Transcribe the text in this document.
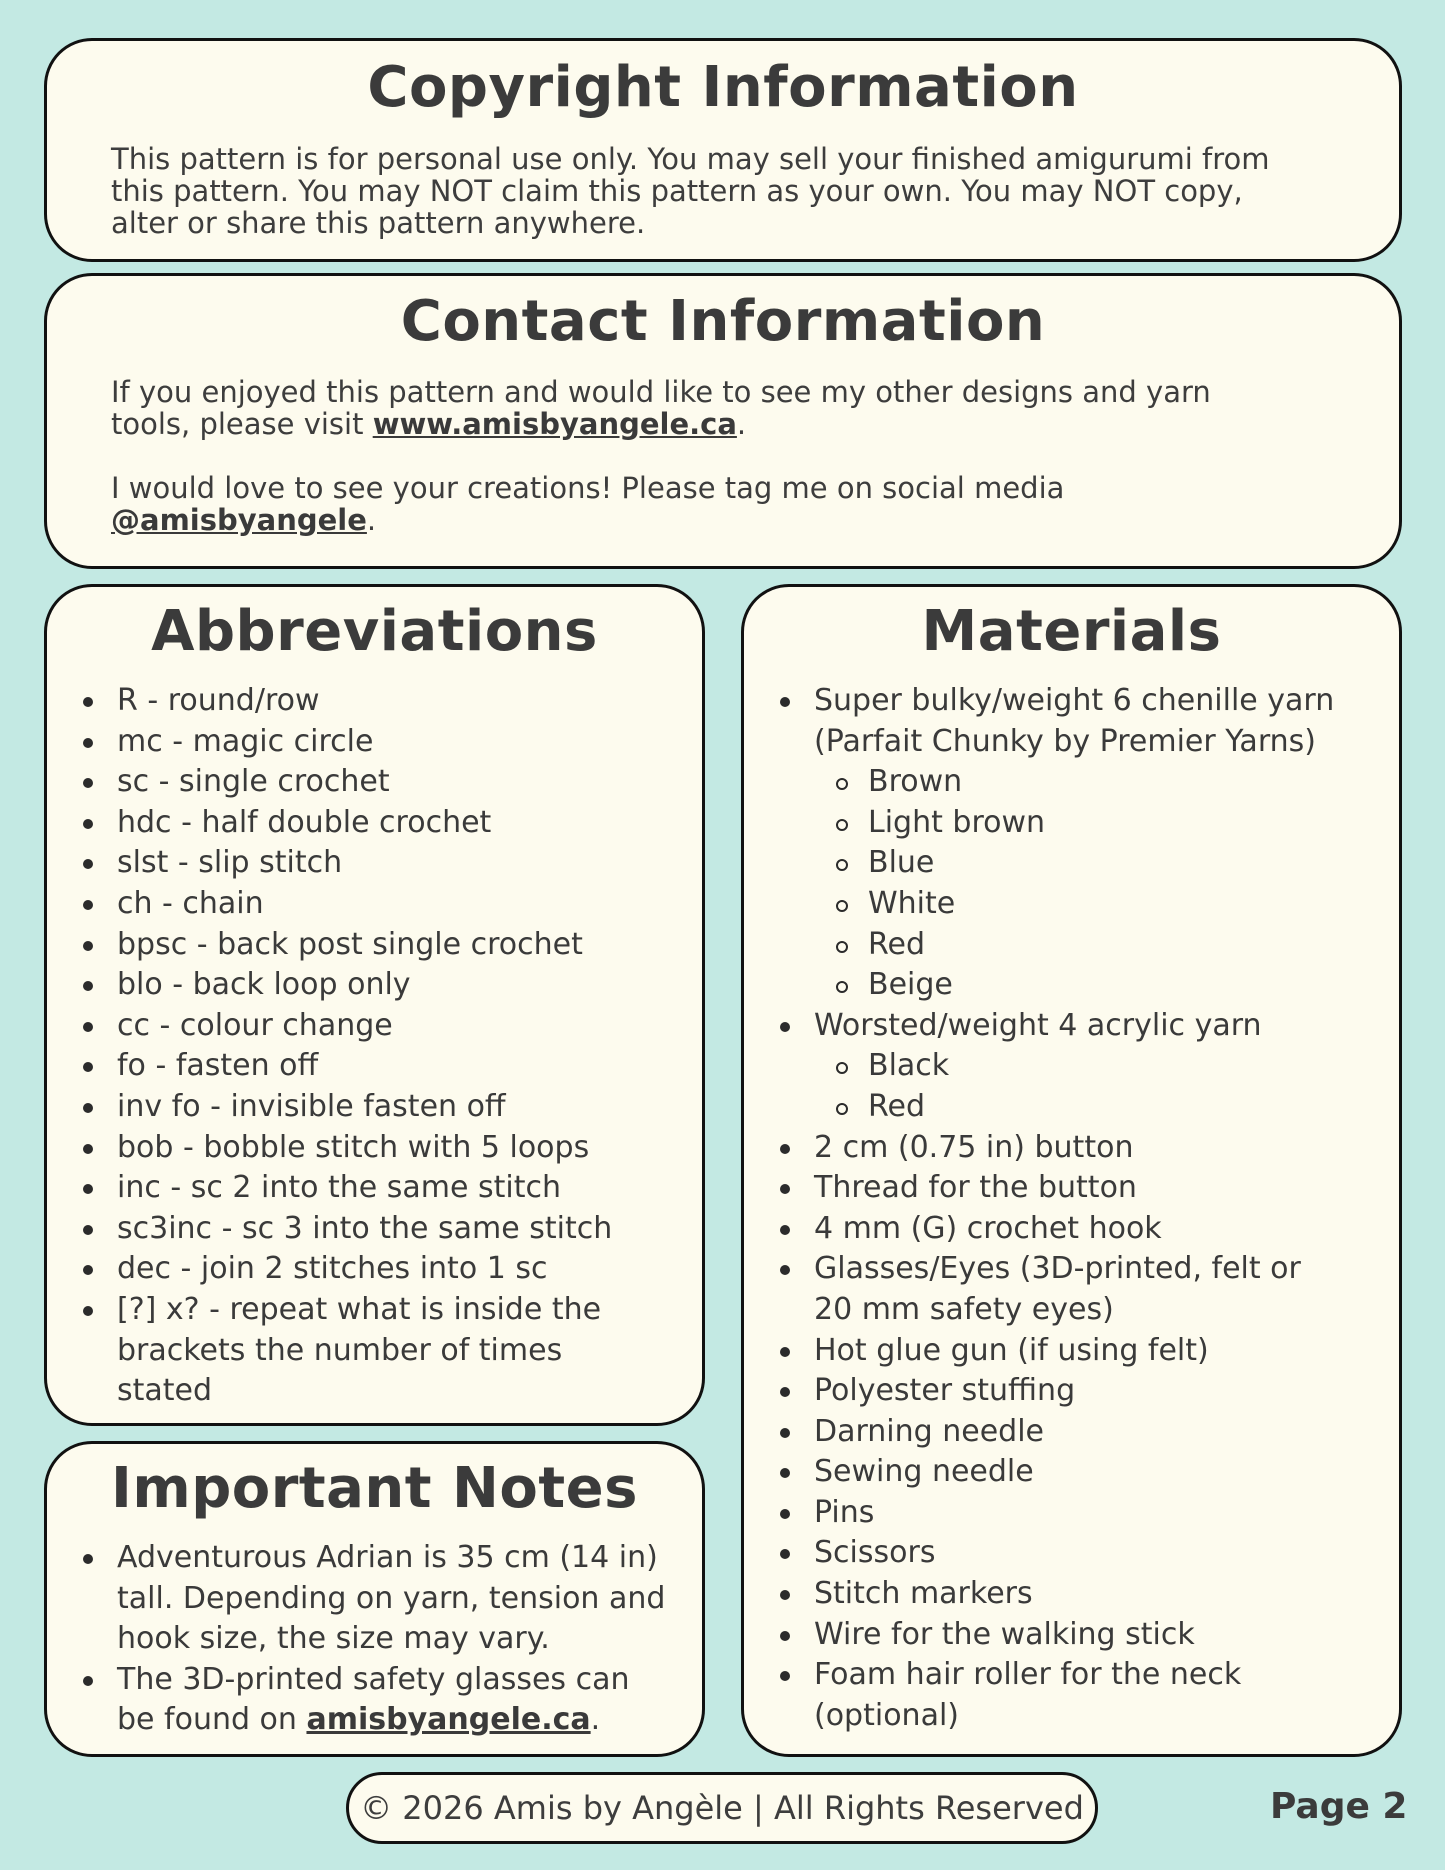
Copyright Information

This pattern is for personal use only. You may sell your finished amigurumi from

this pattern. You may NOT claim this pattern as your own. You may NOT copy,

alter or share this pattern anywhere.

Contact Information

If you enjoyed this pattern and would like to see my other designs and yarn

tools, please visit www.amisbyangele.ca.

I would love to see your creations! Please tag me on social media

@amisbyangele.

Abbreviations
R - round/row
mc - magic circle
sc - single crochet
hdc - half double crochet
slst - slip stitch
ch - chain
bpsc - back post single crochet
blo - back loop only
cc - colour change
fo - fasten off
inv fo - invisible fasten off
bob - bobble stitch with 5 loops
inc - sc 2 into the same stitch
sc3inc - sc 3 into the same stitch
dec - join 2 stitches into 1 sc
[?] x? - repeat what is inside the
brackets the number of times
stated
Important Notes
Adventurous Adrian is 35 cm (14 in)
tall. Depending on yarn, tension and
hook size, the size may vary.
The 3D-printed safety glasses can
be found on amisbyangele.ca.
Materials
Super bulky/weight 6 chenille yarn
(Parfait Chunky by Premier Yarns)
Brown
Light brown
Blue
White
Red
Beige
Worsted/weight 4 acrylic yarn
Black
Red
2 cm (0.75 in) button
Thread for the button
4 mm (G) crochet hook
Glasses/Eyes (3D-printed, felt or
20 mm safety eyes)
Hot glue gun (if using felt)
Polyester stuffing
Darning needle
Sewing needle
Pins
Scissors
Stitch markers
Wire for the walking stick
Foam hair roller for the neck
(optional)
© 2026 Amis by Angèle | All Rights Reserved	Page 2
